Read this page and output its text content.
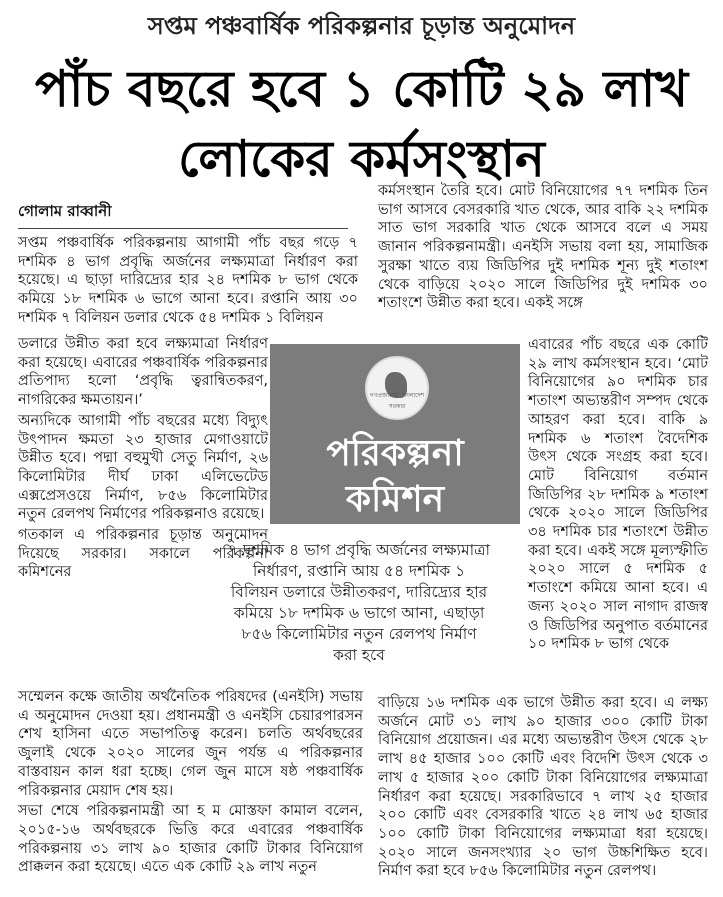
সপ্তম পঞ্চবার্ষিক পরিকল্পনার চূড়ান্ত অনুমোদন
পাঁচ বছরে হবে ১ কোটি ২৯ লাখ
লোকের কর্মসংস্থান
গোলাম রাব্বানী

সপ্তম পঞ্চবার্ষিক পরিকল্পনায় আগামী পাঁচ বছর গড়ে ৭ দশমিক ৪ ভাগ প্রবৃদ্ধি অর্জনের লক্ষ্যমাত্রা নির্ধারণ করা হয়েছে। এ ছাড়া দারিদ্র্যের হার ২৪ দশমিক ৮ ভাগ থেকে কমিয়ে ১৮ দশমিক ৬ ভাগে আনা হবে। রপ্তানি আয় ৩০ দশমিক ৭ বিলিয়ন ডলার থেকে ৫৪ দশমিক ১ বিলিয়ন

ডলারে উন্নীত করা হবে লক্ষ্যমাত্রা নির্ধারণ করা হয়েছে। এবারের পঞ্চবার্ষিক পরিকল্পনার প্রতিপাদ্য হলো ‘প্রবৃদ্ধি ত্বরান্বিতকরণ, নাগরিকের ক্ষমতায়ন।’

অন্যদিকে আগামী পাঁচ বছরের মধ্যে বিদ্যুৎ উৎপাদন ক্ষমতা ২৩ হাজার মেগাওয়াটে উন্নীত হবে। পদ্মা বহুমুখী সেতু নির্মাণ, ২৬ কিলোমিটার দীর্ঘ ঢাকা এলিভেটেড এক্সপ্রেসওয়ে নির্মাণ, ৮৫৬ কিলোমিটার নতুন রেলপথ নির্মাণের পরিকল্পনাও রয়েছে।

গতকাল এ পরিকল্পনার চূড়ান্ত অনুমোদন দিয়েছে সরকার। সকালে পরিকল্পনা কমিশনের

সম্মেলন কক্ষে জাতীয় অর্থনৈতিক পরিষদের (এনইসি) সভায় এ অনুমোদন দেওয়া হয়। প্রধানমন্ত্রী ও এনইসি চেয়ারপারসন শেখ হাসিনা এতে সভাপতিত্ব করেন। চলতি অর্থবছরের জুলাই থেকে ২০২০ সালের জুন পর্যন্ত এ পরিকল্পনার বাস্তবায়ন কাল ধরা হচ্ছে। গেল জুন মাসে ষষ্ঠ পঞ্চবার্ষিক পরিকল্পনার মেয়াদ শেষ হয়।

সভা শেষে পরিকল্পনামন্ত্রী আ হ ম মোস্তফা কামাল বলেন, ২০১৫-১৬ অর্থবছরকে ভিত্তি করে এবারের পঞ্চবার্ষিক পরিকল্পনায় ৩১ লাখ ৯০ হাজার কোটি টাকার বিনিয়োগ প্রাক্কলন করা হয়েছে। এতে এক কোটি ২৯ লাখ নতুন

কর্মসংস্থান তৈরি হবে। মোট বিনিয়োগের ৭৭ দশমিক তিন ভাগ আসবে বেসরকারি খাত থেকে, আর বাকি ২২ দশমিক সাত ভাগ সরকারি খাত থেকে আসবে বলে এ সময় জানান পরিকল্পনামন্ত্রী। এনইসি সভায় বলা হয়, সামাজিক সুরক্ষা খাতে ব্যয় জিডিপির দুই দশমিক শূন্য দুই শতাংশ থেকে বাড়িয়ে ২০২০ সালে জিডিপির দুই দশমিক ৩০ শতাংশে উন্নীত করা হবে। একই সঙ্গে

এবারের পাঁচ বছরে এক কোটি ২৯ লাখ কর্মসংস্থান হবে। ‘মোট বিনিয়োগের ৯০ দশমিক চার শতাংশ অভ্যন্তরীণ সম্পদ থেকে আহরণ করা হবে। বাকি ৯ দশমিক ৬ শতাংশ বৈদেশিক উৎস থেকে সংগ্রহ করা হবে। মোট বিনিয়োগ বর্তমান জিডিপির ২৮ দশমিক ৯ শতাংশ থেকে ২০২০ সালে জিডিপির ৩৪ দশমিক চার শতাংশে উন্নীত করা হবে। একই সঙ্গে মূল্যস্ফীতি ২০২০ সালে ৫ দশমিক ৫ শতাংশে কমিয়ে আনা হবে। এ জন্য ২০২০ সাল নাগাদ রাজস্ব ও জিডিপির অনুপাত বর্তমানের ১০ দশমিক ৮ ভাগ থেকে

বাড়িয়ে ১৬ দশমিক এক ভাগে উন্নীত করা হবে। এ লক্ষ্য অর্জনে মোট ৩১ লাখ ৯০ হাজার ৩০০ কোটি টাকা বিনিয়োগ প্রয়োজন। এর মধ্যে অভ্যন্তরীণ উৎস থেকে ২৮ লাখ ৪৫ হাজার ১০০ কোটি এবং বিদেশি উৎস থেকে ৩ লাখ ৫ হাজার ২০০ কোটি টাকা বিনিয়োগের লক্ষ্যমাত্রা নির্ধারণ করা হয়েছে। সরকারিভাবে ৭ লাখ ২৫ হাজার ২০০ কোটি এবং বেসরকারি খাতে ২৪ লাখ ৬৫ হাজার ১০০ কোটি টাকা বিনিয়োগের লক্ষ্যমাত্রা ধরা হয়েছে। ২০২০ সালে জনসংখ্যার ২০ ভাগ উচ্চশিক্ষিত হবে। নির্মাণ করা হবে ৮৫৬ কিলোমিটার নতুন রেলপথ।

গণপ্রজাতন্ত্রী বাংলাদেশ সরকার
পরিকল্পনা
কমিশন
৭ দশমিক ৪ ভাগ প্রবৃদ্ধি অর্জনের লক্ষ্যমাত্রা নির্ধারণ, রপ্তানি আয় ৫৪ দশমিক ১ বিলিয়ন ডলারে উন্নীতকরণ, দারিদ্র্যের হার কমিয়ে ১৮ দশমিক ৬ ভাগে আনা, এছাড়া ৮৫৬ কিলোমিটার নতুন রেলপথ নির্মাণ করা হবে
